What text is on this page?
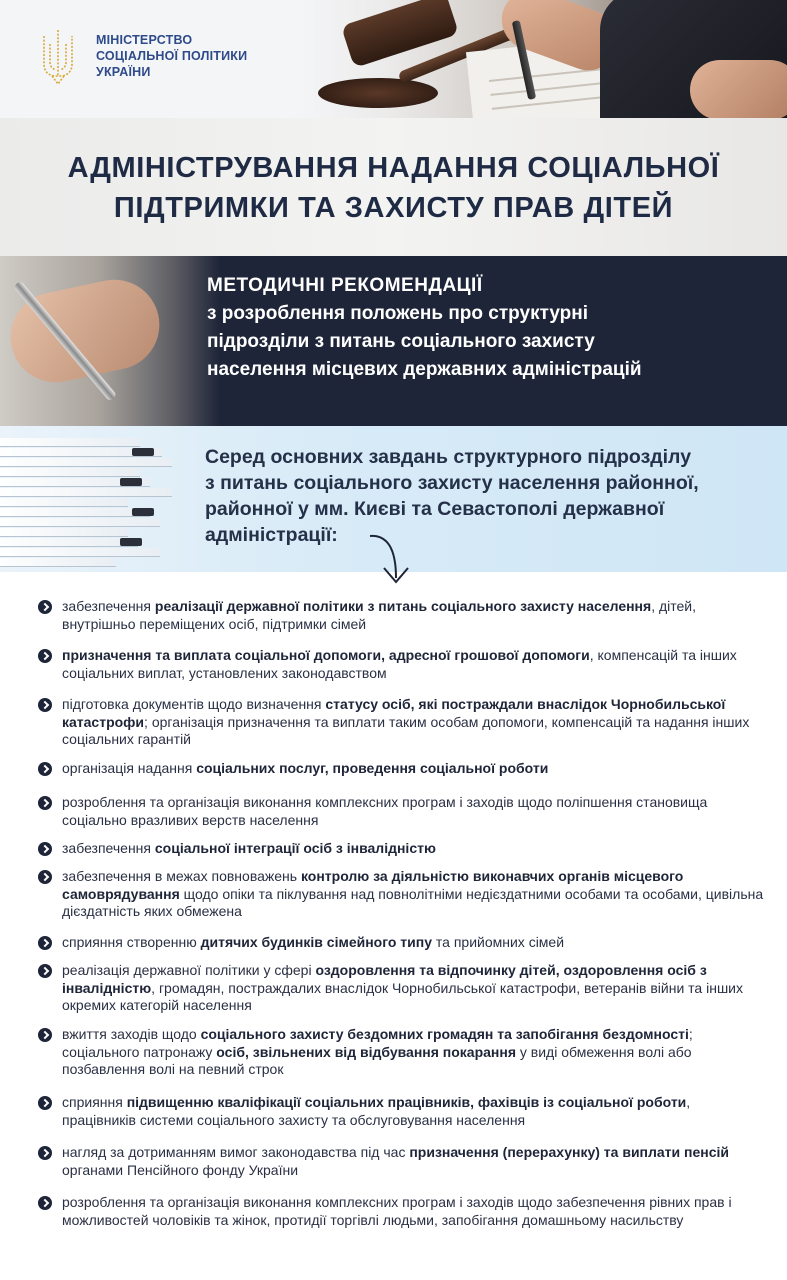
МІНІСТЕРСТВО
СОЦІАЛЬНОЇ ПОЛІТИКИ
УКРАЇНИ
АДМІНІСТРУВАННЯ НАДАННЯ СОЦІАЛЬНОЇ
ПІДТРИМКИ ТА ЗАХИСТУ ПРАВ ДІТЕЙ
МЕТОДИЧНІ РЕКОМЕНДАЦІЇ
з розроблення положень про структурні
підрозділи з питань соціального захисту
населення місцевих державних адміністрацій
Серед основних завдань структурного підрозділу
з питань соціального захисту населення районної,
районної у мм. Києві та Севастополі державної
адміністрації:
забезпечення реалізації державної політики з питань соціального захисту населення, дітей, внутрішньо переміщених осіб, підтримки сімей
призначення та виплата соціальної допомоги, адресної грошової допомоги, компенсацій та інших соціальних виплат, установлених законодавством
підготовка документів щодо визначення статусу осіб, які постраждали внаслідок Чорнобильської катастрофи; організація призначення та виплати таким особам допомоги, компенсацій та надання інших соціальних гарантій
організація надання соціальних послуг, проведення соціальної роботи
розроблення та організація виконання комплексних програм і заходів щодо поліпшення становища соціально вразливих верств населення
забезпечення соціальної інтеграції осіб з інвалідністю
забезпечення в межах повноважень контролю за діяльністю виконавчих органів місцевого самоврядування щодо опіки та піклування над повнолітніми недієздатними особами та особами, цивільна дієздатність яких обмежена
сприяння створенню дитячих будинків сімейного типу та прийомних сімей
реалізація державної політики у сфері оздоровлення та відпочинку дітей, оздоровлення осіб з інвалідністю, громадян, постраждалих внаслідок Чорнобильської катастрофи, ветеранів війни та інших окремих категорій населення
вжиття заходів щодо соціального захисту бездомних громадян та запобігання бездомності; соціального патронажу осіб, звільнених від відбування покарання у виді обмеження волі або позбавлення волі на певний строк
сприяння підвищенню кваліфікації соціальних працівників, фахівців із соціальної роботи, працівників системи соціального захисту та обслуговування населення
нагляд за дотриманням вимог законодавства під час призначення (перерахунку) та виплати пенсій органами Пенсійного фонду України
розроблення та організація виконання комплексних програм і заходів щодо забезпечення рівних прав і можливостей чоловіків та жінок, протидії торгівлі людьми, запобігання домашньому насильству
